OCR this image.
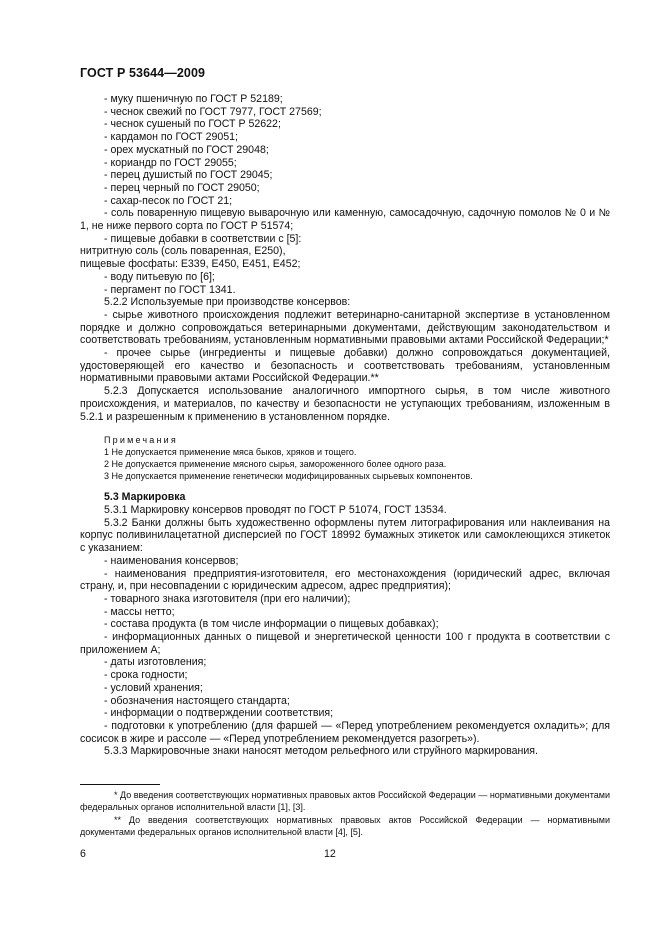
ГОСТ Р 53644—2009

- муку пшеничную по ГОСТ Р 52189;

- чеснок свежий по ГОСТ 7977, ГОСТ 27569;

- чеснок сушеный по ГОСТ Р 52622;

- кардамон по ГОСТ 29051;

- орех мускатный по ГОСТ 29048;

- кориандр по ГОСТ 29055;

- перец душистый по ГОСТ 29045;

- перец черный по ГОСТ 29050;

- сахар-песок по ГОСТ 21;

- соль поваренную пищевую выварочную или каменную, самосадочную, садочную помолов № 0 и № 1, не ниже первого сорта по ГОСТ Р 51574;

- пищевые добавки в соответствии с [5]:

нитритную соль (соль поваренная, Е250),

пищевые фосфаты: Е339, Е450, Е451, Е452;

- воду питьевую по [6];

- пергамент по ГОСТ 1341.

5.2.2 Используемые при производстве консервов:

- сырье животного происхождения подлежит ветеринарно-санитарной экспертизе в установленном порядке и должно сопровождаться ветеринарными документами, действующим законодательством и соответствовать требованиям, установленным нормативными правовыми актами Российской Федерации;*

- прочее сырье (ингредиенты и пищевые добавки) должно сопровождаться документацией, удостоверяющей его качество и безопасность и соответствовать требованиям, установленным нормативными правовыми актами Российской Федерации.**

5.2.3 Допускается использование аналогичного импортного сырья, в том числе животного происхождения, и материалов, по качеству и безопасности не уступающих требованиям, изложенным в 5.2.1 и разрешенным к применению в установленном порядке.

Примечания

1 Не допускается применение мяса быков, хряков и тощего.

2 Не допускается применение мясного сырья, замороженного более одного раза.

3 Не допускается применение генетически модифицированных сырьевых компонентов.

5.3 Маркировка

5.3.1 Маркировку консервов проводят по ГОСТ Р 51074, ГОСТ 13534.

5.3.2 Банки должны быть художественно оформлены путем литографирования или наклеивания на корпус поливинилацетатной дисперсией по ГОСТ 18992 бумажных этикеток или самоклеющихся этикеток с указанием:

- наименования консервов;

- наименования предприятия-изготовителя, его местонахождения (юридический адрес, включая страну, и, при несовпадении с юридическим адресом, адрес предприятия);

- товарного знака изготовителя (при его наличии);

- массы нетто;

- состава продукта (в том числе информации о пищевых добавках);

- информационных данных о пищевой и энергетической ценности 100 г продукта в соответствии с приложением А;

- даты изготовления;

- срока годности;

- условий хранения;

- обозначения настоящего стандарта;

- информации о подтверждении соответствия;

- подготовки к употреблению (для фаршей — «Перед употреблением рекомендуется охладить»; для сосисок в жире и рассоле — «Перед употреблением рекомендуется разогреть»).

5.3.3 Маркировочные знаки наносят методом рельефного или струйного маркирования.

* До введения соответствующих нормативных правовых актов Российской Федерации — нормативными документами федеральных органов исполнительной власти [1], [3].

** До введения соответствующих нормативных правовых актов Российской Федерации — нормативными документами федеральных органов исполнительной власти [4], [5].

6	12
